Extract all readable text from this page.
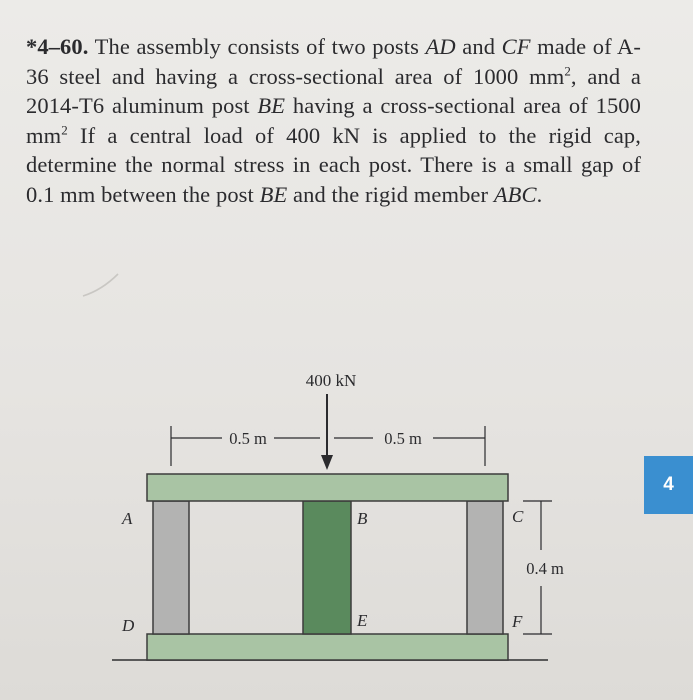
*4–60. The assembly consists of two posts AD and CF made of A-36 steel and having a cross-sectional area of 1000 $mm^2$, and a 2014-T6 aluminum post BE having a cross-sectional area of 1500 $mm^2$ If a central load of 400 kN is applied to the rigid cap, determine the normal stress in each post. There is a small gap of 0.1 mm between the post BE and the rigid member ABC.

400 kN
0.5 m	0.5 m
0.4 m
A
D
B
E
C
F
4
